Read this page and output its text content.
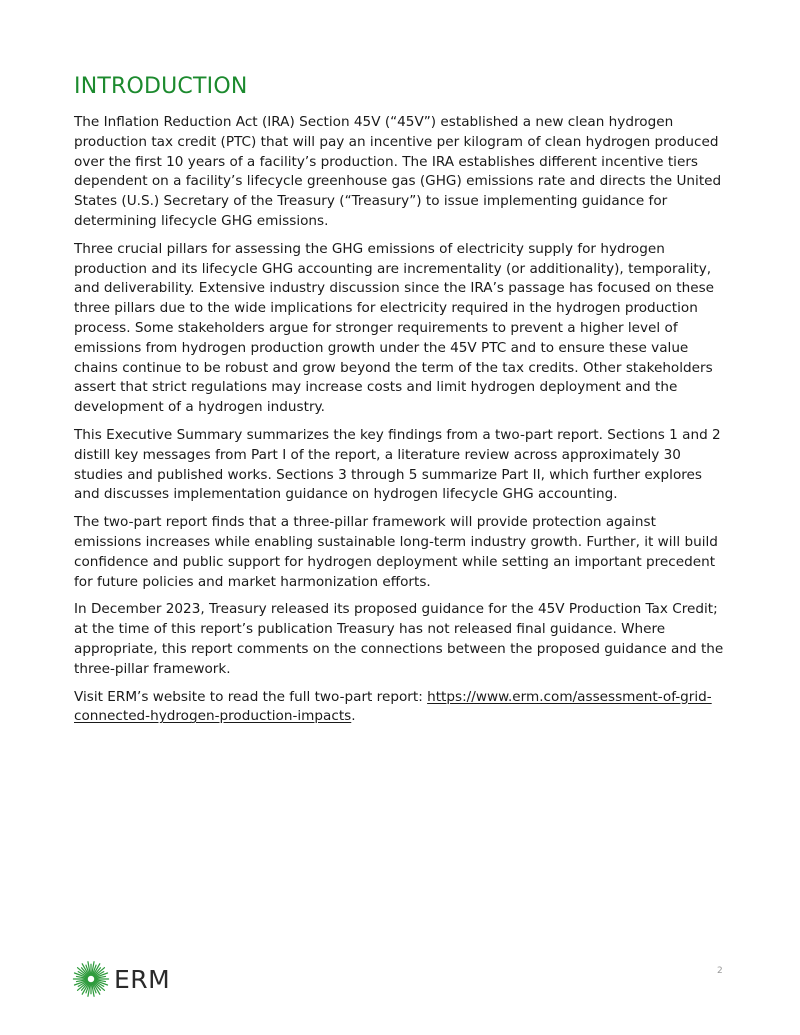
INTRODUCTION

The Inflation Reduction Act (IRA) Section 45V (“45V”) established a new clean hydrogen production tax credit (PTC) that will pay an incentive per kilogram of clean hydrogen produced over the first 10 years of a facility’s production. The IRA establishes different incentive tiers dependent on a facility’s lifecycle greenhouse gas (GHG) emissions rate and directs the United States (U.S.) Secretary of the Treasury (“Treasury”) to issue implementing guidance for determining lifecycle GHG emissions.

Three crucial pillars for assessing the GHG emissions of electricity supply for hydrogen production and its lifecycle GHG accounting are incrementality (or additionality), temporality, and deliverability. Extensive industry discussion since the IRA’s passage has focused on these three pillars due to the wide implications for electricity required in the hydrogen production process. Some stakeholders argue for stronger requirements to prevent a higher level of emissions from hydrogen production growth under the 45V PTC and to ensure these value chains continue to be robust and grow beyond the term of the tax credits. Other stakeholders assert that strict regulations may increase costs and limit hydrogen deployment and the development of a hydrogen industry.

This Executive Summary summarizes the key findings from a two-part report. Sections 1 and 2 distill key messages from Part I of the report, a literature review across approximately 30 studies and published works. Sections 3 through 5 summarize Part II, which further explores and discusses implementation guidance on hydrogen lifecycle GHG accounting.

The two-part report finds that a three-pillar framework will provide protection against emissions increases while enabling sustainable long-term industry growth. Further, it will build confidence and public support for hydrogen deployment while setting an important precedent for future policies and market harmonization efforts.

In December 2023, Treasury released its proposed guidance for the 45V Production Tax Credit; at the time of this report’s publication Treasury has not released final guidance. Where appropriate, this report comments on the connections between the proposed guidance and the three-pillar framework.

Visit ERM’s website to read the full two-part report: https://www.erm.com/assessment-of-grid-connected-hydrogen-production-impacts.

ERM	2
